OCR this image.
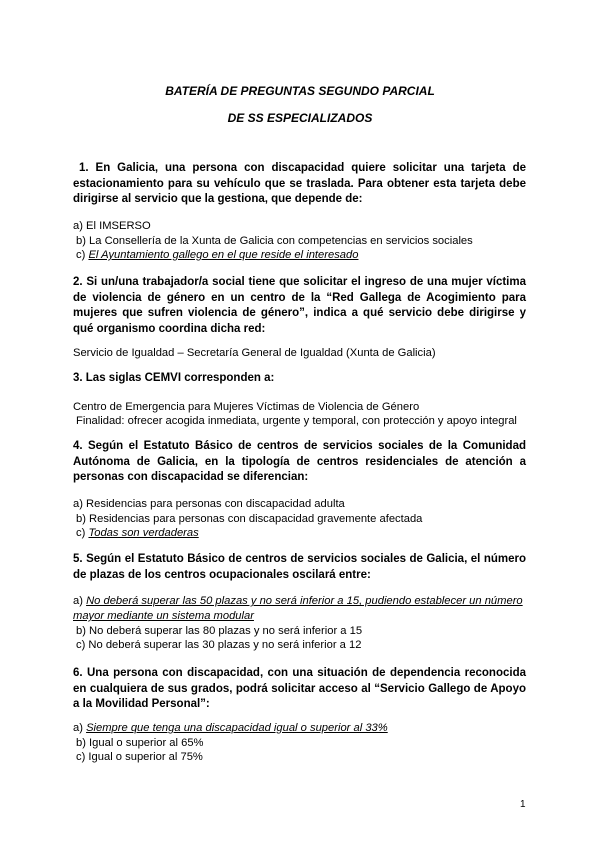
BATERÍA DE PREGUNTAS SEGUNDO PARCIAL
DE SS ESPECIALIZADOS
1. En Galicia, una persona con discapacidad quiere solicitar una tarjeta de estacionamiento para su vehículo que se traslada. Para obtener esta tarjeta debe dirigirse al servicio que la gestiona, que depende de:
a) El IMSERSO
b) La Consellería de la Xunta de Galicia con competencias en servicios sociales
c) El Ayuntamiento gallego en el que reside el interesado
2. Si un/una trabajador/a social tiene que solicitar el ingreso de una mujer víctima de violencia de género en un centro de la “Red Gallega de Acogimiento para mujeres que sufren violencia de género”, indica a qué servicio debe dirigirse y qué organismo coordina dicha red:
Servicio de Igualdad – Secretaría General de Igualdad (Xunta de Galicia)
3. Las siglas CEMVI corresponden a:
Centro de Emergencia para Mujeres Víctimas de Violencia de Género
Finalidad: ofrecer acogida inmediata, urgente y temporal, con protección y apoyo integral
4. Según el Estatuto Básico de centros de servicios sociales de la Comunidad Autónoma de Galicia, en la tipología de centros residenciales de atención a personas con discapacidad se diferencian:
a) Residencias para personas con discapacidad adulta
b) Residencias para personas con discapacidad gravemente afectada
c) Todas son verdaderas
5. Según el Estatuto Básico de centros de servicios sociales de Galicia, el número de plazas de los centros ocupacionales oscilará entre:
a) No deberá superar las 50 plazas y no será inferior a 15, pudiendo establecer un número
mayor mediante un sistema modular
b) No deberá superar las 80 plazas y no será inferior a 15
c) No deberá superar las 30 plazas y no será inferior a 12
6. Una persona con discapacidad, con una situación de dependencia reconocida en cualquiera de sus grados, podrá solicitar acceso al “Servicio Gallego de Apoyo a la Movilidad Personal”:
a) Siempre que tenga una discapacidad igual o superior al 33%
b) Igual o superior al 65%
c) Igual o superior al 75%
1
